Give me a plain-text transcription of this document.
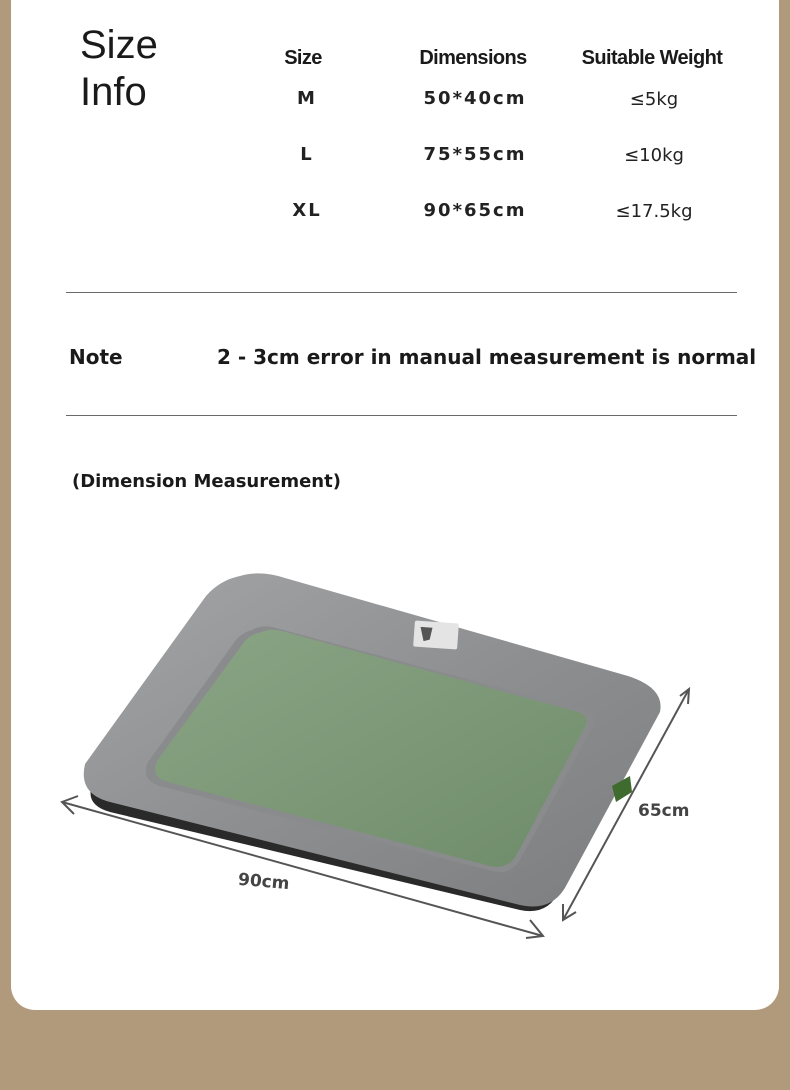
Size
Info
Size	Dimensions	Suitable Weight
M	50*40cm	≤5kg
L	75*55cm	≤10kg
XL	90*65cm	≤17.5kg
Note	2 - 3cm error in manual measurement is normal
(Dimension Measurement)
90cm
65cm
